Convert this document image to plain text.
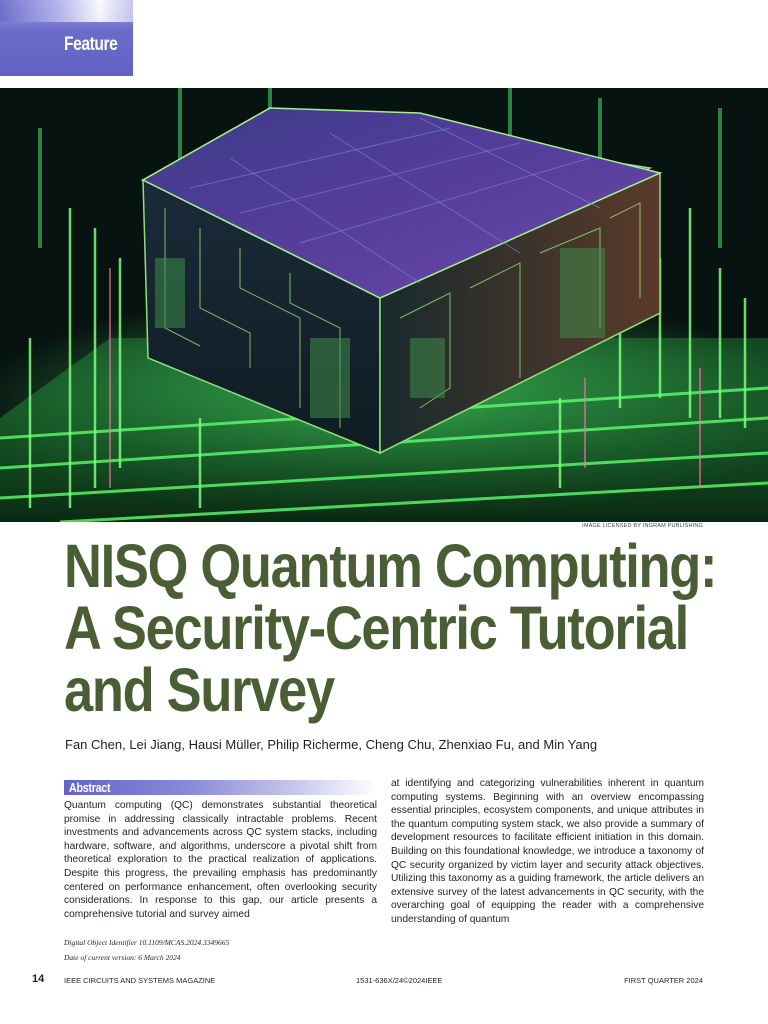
Feature
IMAGE LICENSED BY INGRAM PUBLISHING
NISQ Quantum Computing:
A Security-Centric Tutorial
and Survey
Fan Chen, Lei Jiang, Hausi Müller, Philip Richerme, Cheng Chu, Zhenxiao Fu, and Min Yang
Abstract
Quantum computing (QC) demonstrates substantial theoretical promise in addressing classically intractable problems. Recent investments and advancements across QC system stacks, including hardware, software, and algorithms, underscore a pivotal shift from theoretical exploration to the practical realization of applications. Despite this progress, the prevailing emphasis has predominantly centered on performance enhancement, often overlooking security considerations. In response to this gap, our article presents a comprehensive tutorial and survey aimed
at identifying and categorizing vulnerabilities inherent in quantum computing systems. Beginning with an overview encompassing essential principles, ecosystem components, and unique attributes in the quantum computing system stack, we also provide a summary of development resources to facilitate efficient initiation in this domain. Building on this foundational knowledge, we introduce a taxonomy of QC security organized by victim layer and security attack objectives. Utilizing this taxonomy as a guiding framework, the article delivers an extensive survey of the latest advancements in QC security, with the overarching goal of equipping the reader with a comprehensive understanding of quantum
Digital Object Identifier 10.1109/MCAS.2024.3349665
Date of current version: 6 March 2024
14	IEEE CIRCUITS AND SYSTEMS MAGAZINE	1531-636X/24©2024IEEE	FIRST QUARTER 2024
